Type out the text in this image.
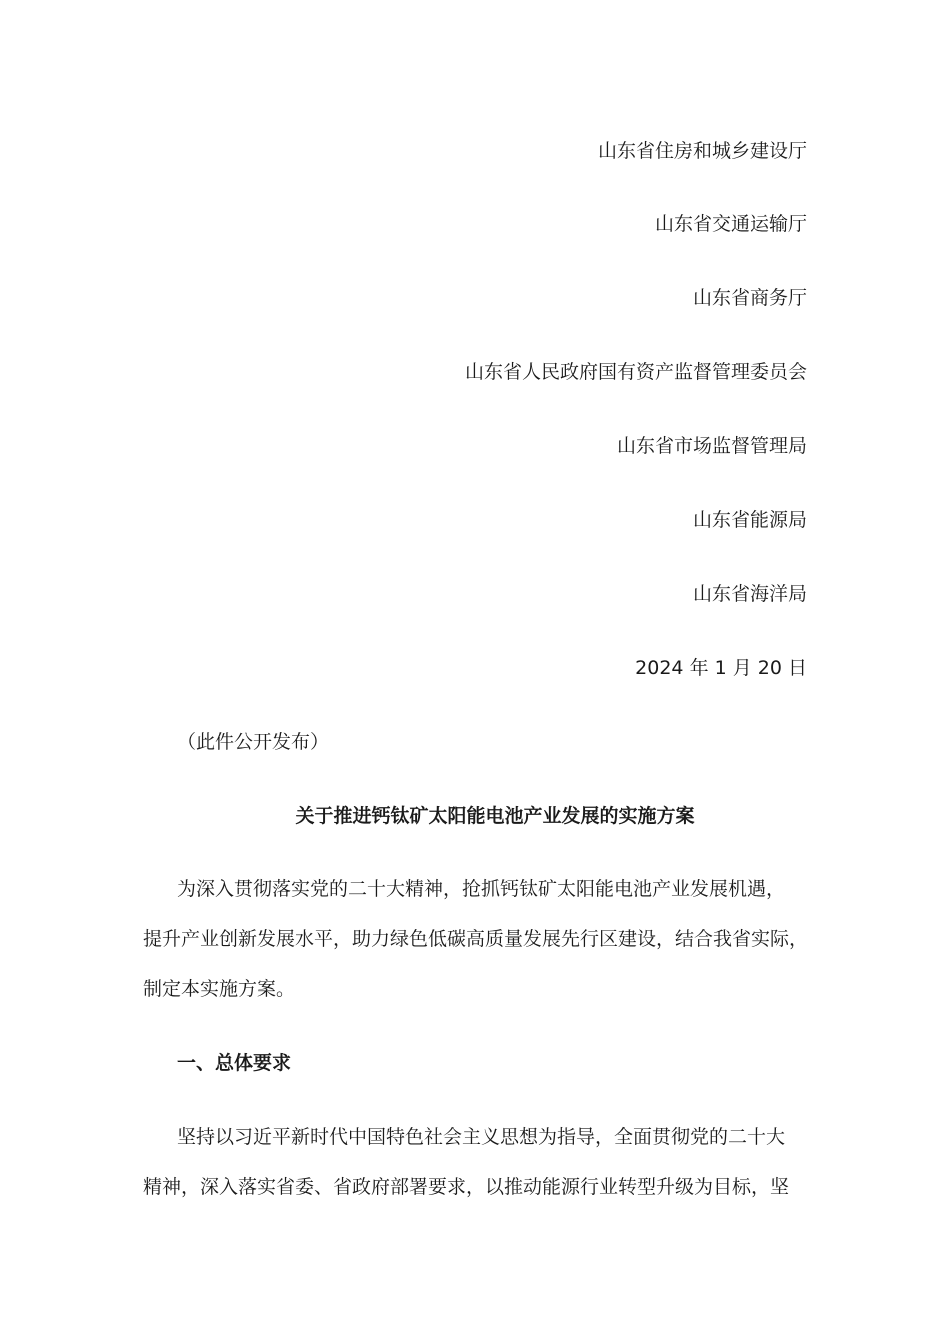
山东省住房和城乡建设厅
山东省交通运输厅
山东省商务厅
山东省人民政府国有资产监督管理委员会
山东省市场监督管理局
山东省能源局
山东省海洋局
2024 年 1 月 20 日
（此件公开发布）
关于推进钙钛矿太阳能电池产业发展的实施方案
为深入贯彻落实党的二十大精神，抢抓钙钛矿太阳能电池产业发展机遇，
提升产业创新发展水平，助力绿色低碳高质量发展先行区建设，结合我省实际，
制定本实施方案。
一、总体要求
坚持以习近平新时代中国特色社会主义思想为指导，全面贯彻党的二十大
精神，深入落实省委、省政府部署要求，以推动能源行业转型升级为目标，坚
